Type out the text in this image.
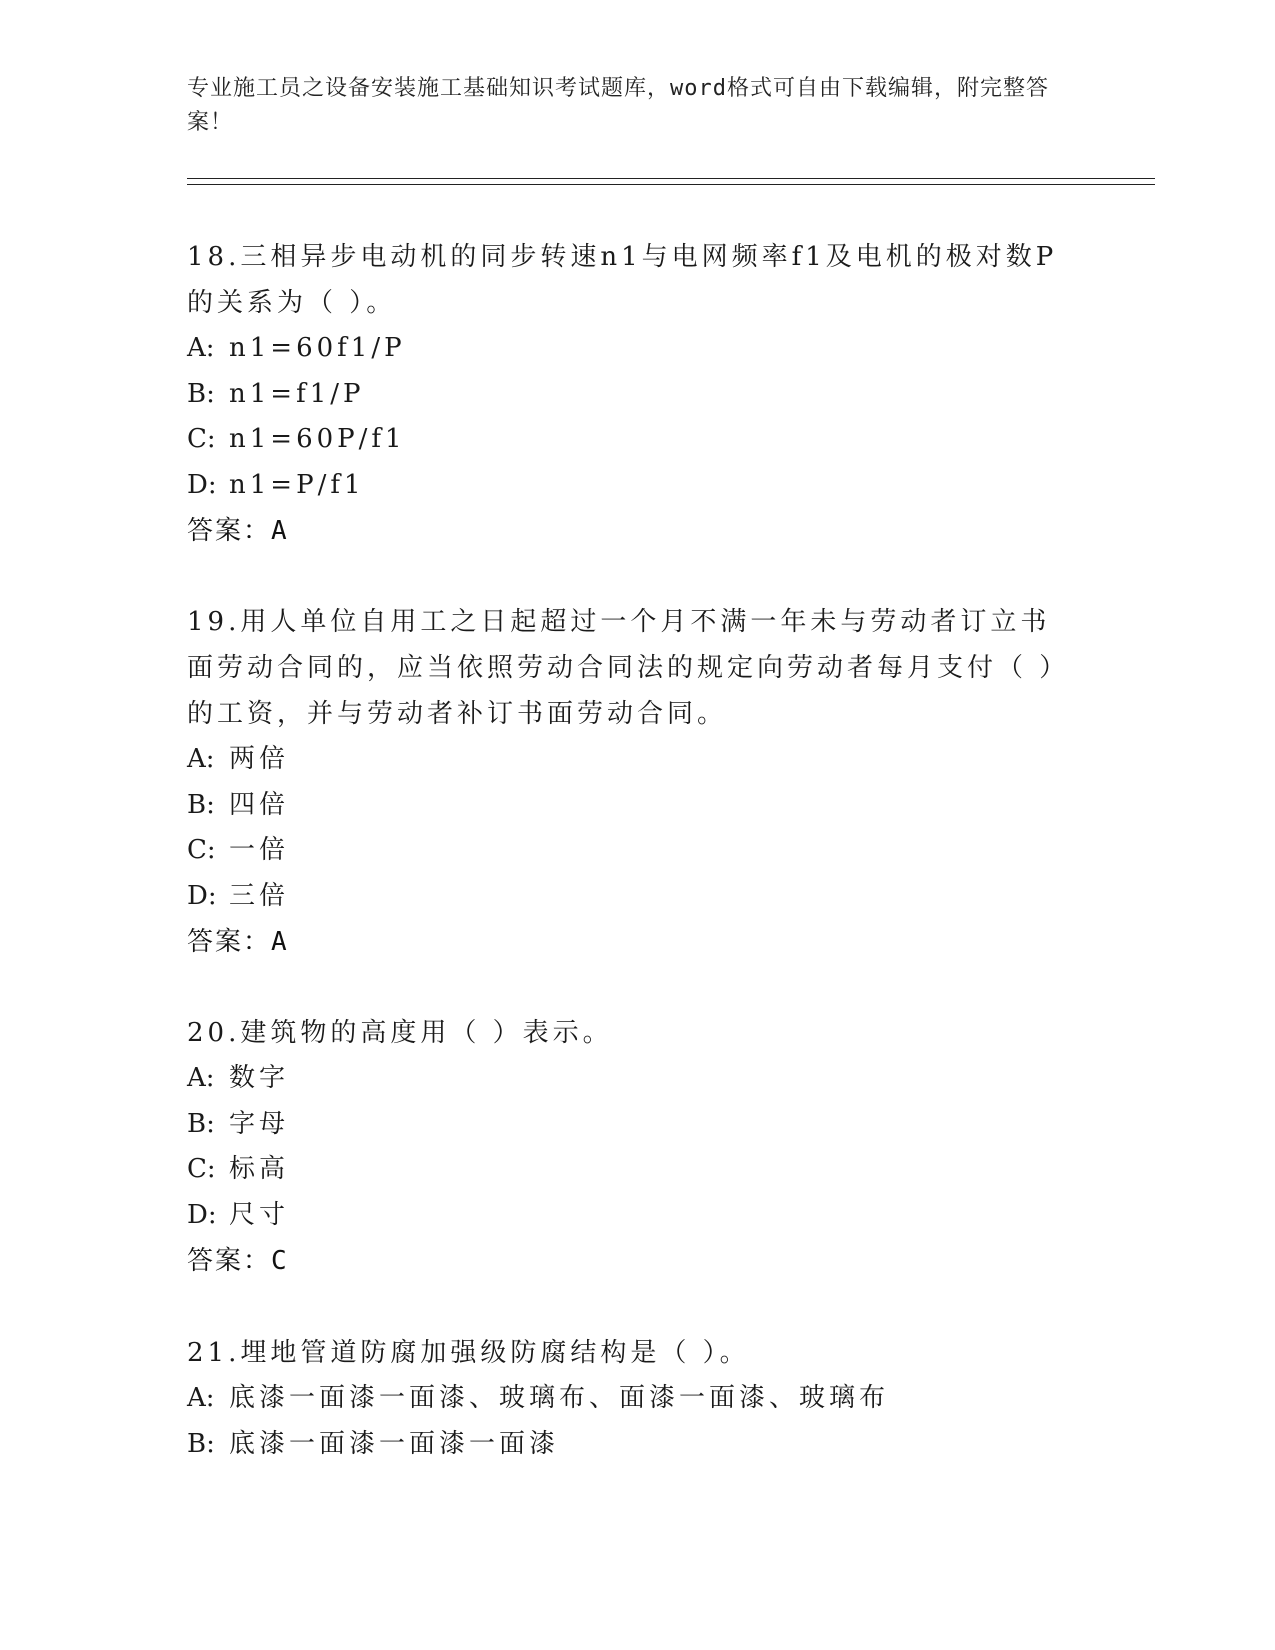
专业施工员之设备安装施工基础知识考试题库，word格式可自由下载编辑，附完整答案！

18.三相异步电动机的同步转速n1与电网频率f1及电机的极对数P的关系为（ ）。

A: n1=60f1/P
B: n1=f1/P
C: n1=60P/f1
D: n1=P/f1
答案：A

19.用人单位自用工之日起超过一个月不满一年未与劳动者订立书面劳动合同的，应当依照劳动合同法的规定向劳动者每月支付（ ）的工资，并与劳动者补订书面劳动合同。

A: 两倍
B: 四倍
C: 一倍
D: 三倍
答案：A

20.建筑物的高度用（ ）表示。

A: 数字
B: 字母
C: 标高
D: 尺寸
答案：C

21.埋地管道防腐加强级防腐结构是（ ）。

A: 底漆一面漆一面漆、玻璃布、面漆一面漆、玻璃布
B: 底漆一面漆一面漆一面漆
